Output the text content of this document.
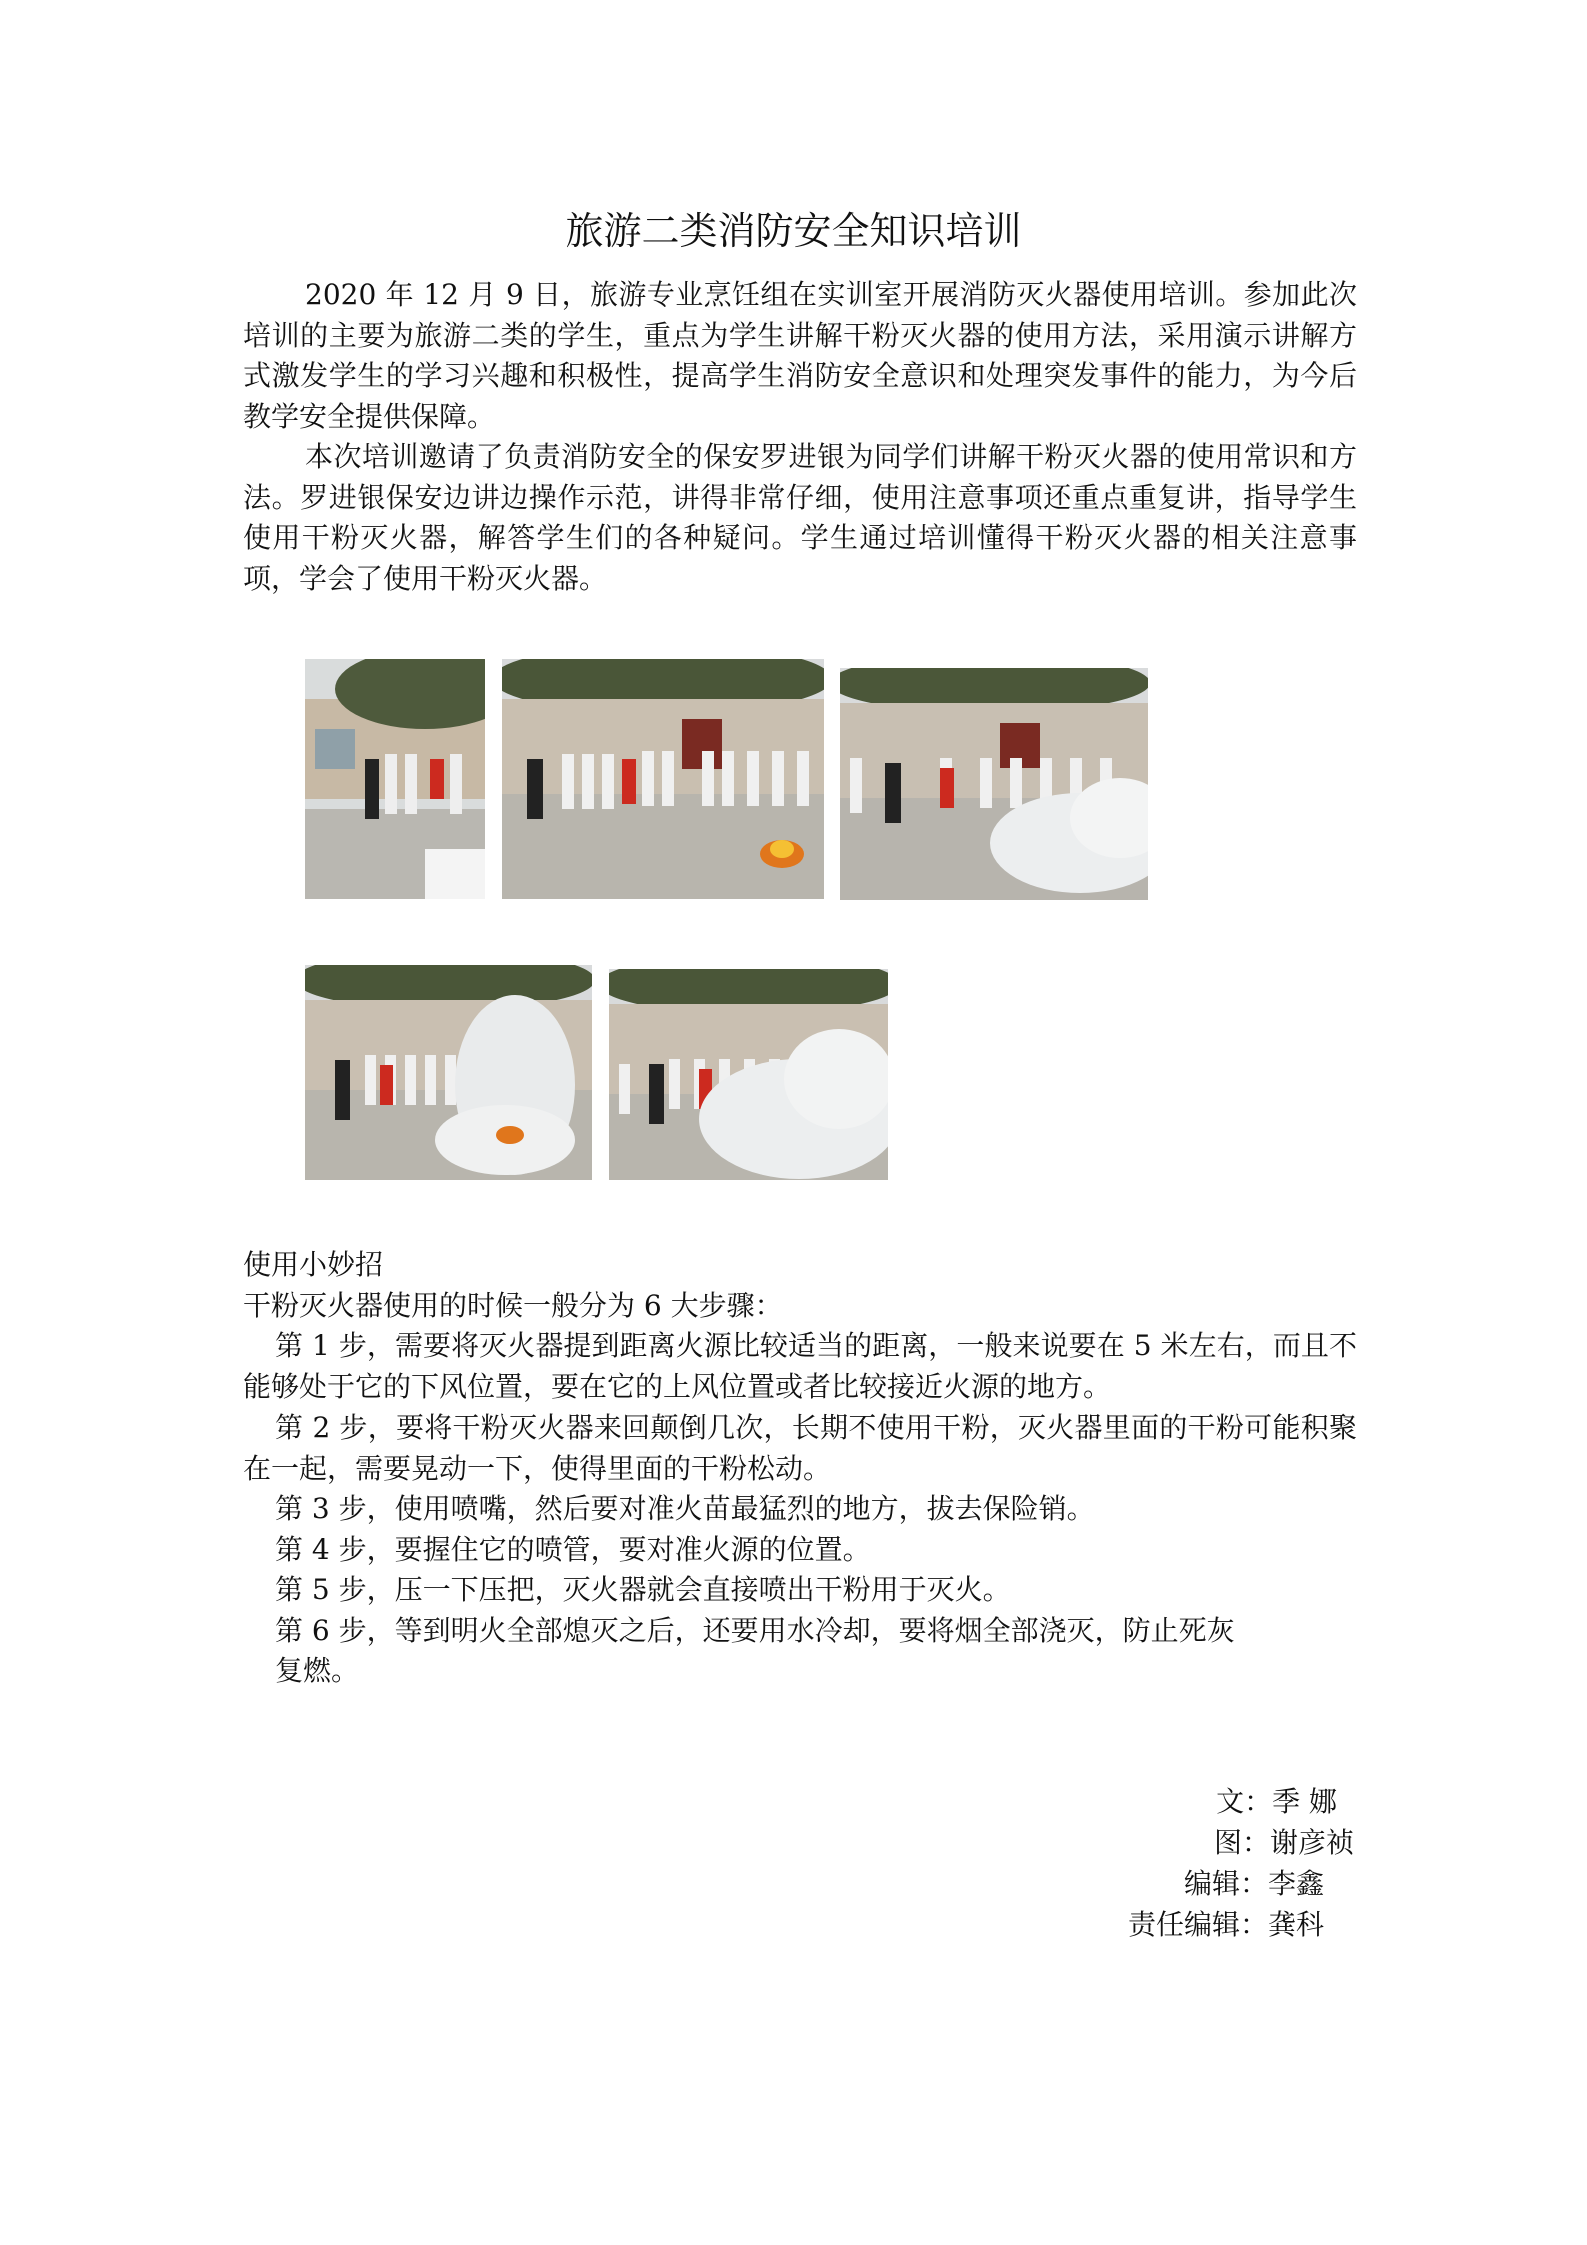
旅游二类消防安全知识培训

2020 年 12 月 9 日，旅游专业烹饪组在实训室开展消防灭火器使用培训。参加此次培训的主要为旅游二类的学生，重点为学生讲解干粉灭火器的使用方法，采用演示讲解方式激发学生的学习兴趣和积极性，提高学生消防安全意识和处理突发事件的能力，为今后教学安全提供保障。

本次培训邀请了负责消防安全的保安罗进银为同学们讲解干粉灭火器的使用常识和方法。罗进银保安边讲边操作示范，讲得非常仔细，使用注意事项还重点重复讲，指导学生使用干粉灭火器，解答学生们的各种疑问。学生通过培训懂得干粉灭火器的相关注意事项，学会了使用干粉灭火器。

使用小妙招

干粉灭火器使用的时候一般分为 6 大步骤：

第 1 步，需要将灭火器提到距离火源比较适当的距离，一般来说要在 5 米左右，而且不能够处于它的下风位置，要在它的上风位置或者比较接近火源的地方。

第 2 步，要将干粉灭火器来回颠倒几次，长期不使用干粉，灭火器里面的干粉可能积聚在一起，需要晃动一下，使得里面的干粉松动。

第 3 步，使用喷嘴，然后要对准火苗最猛烈的地方，拔去保险销。

第 4 步，要握住它的喷管，要对准火源的位置。

第 5 步，压一下压把，灭火器就会直接喷出干粉用于灭火。

第 6 步，等到明火全部熄灭之后，还要用水冷却，要将烟全部浇灭，防止死灰

复燃。

文：季 娜
图：谢彦祯
编辑：李鑫
责任编辑：龚科
